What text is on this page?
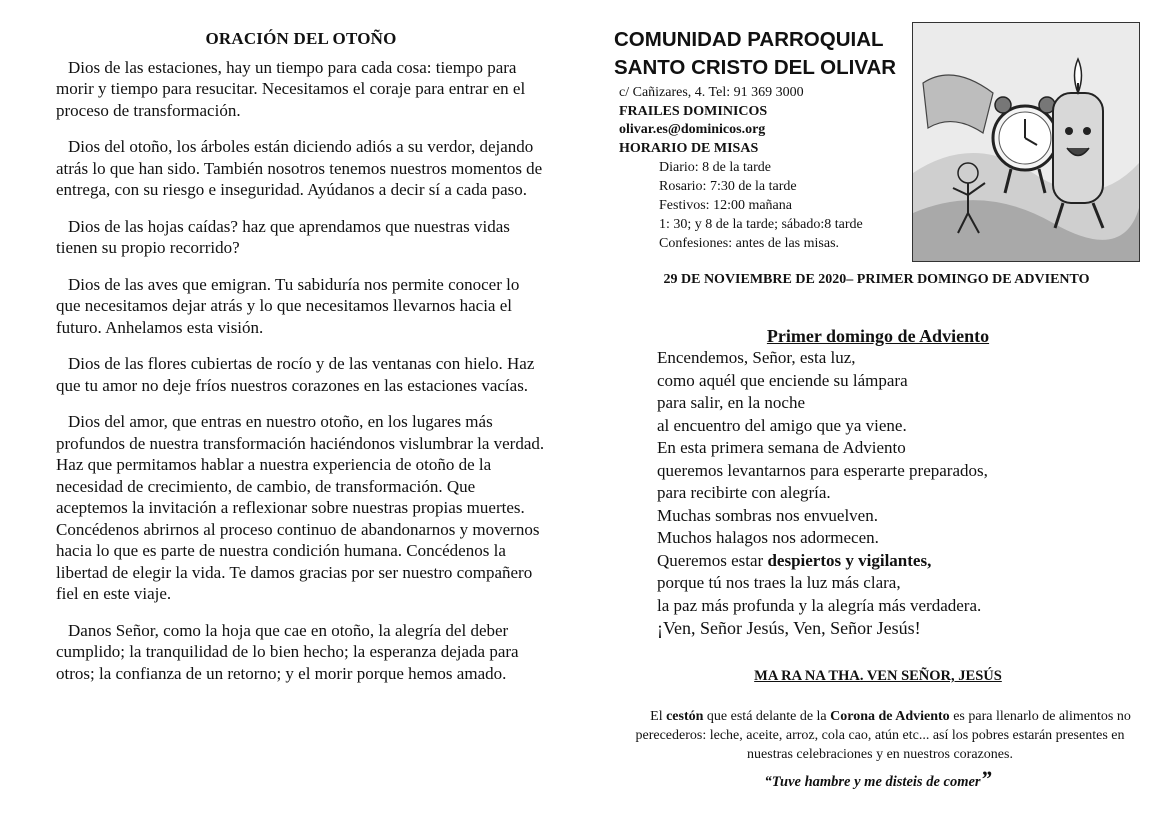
ORACIÓN DEL OTOÑO

Dios de las estaciones, hay un tiempo para cada cosa: tiempo para morir y tiempo para resucitar. Necesitamos el coraje para entrar en el proceso de transformación.

Dios del otoño, los árboles están diciendo adiós a su verdor, dejando atrás lo que han sido. También nosotros tenemos nuestros momentos de entrega, con su riesgo e inseguridad. Ayúdanos a decir sí a cada paso.

Dios de las hojas caídas? haz que aprendamos que nuestras vidas tienen su propio recorrido?

Dios de las aves que emigran. Tu sabiduría nos permite conocer lo que necesitamos dejar atrás y lo que necesitamos llevarnos hacia el futuro. Anhelamos esta visión.

Dios de las flores cubiertas de rocío y de las ventanas con hielo. Haz que tu amor no deje fríos nuestros corazones en las estaciones vacías.

Dios del amor, que entras en nuestro otoño, en los lugares más profundos de nuestra transformación haciéndonos vislumbrar la verdad. Haz que permitamos hablar a nuestra experiencia de otoño de la necesidad de crecimiento, de cambio, de transformación. Que aceptemos la invitación a reflexionar sobre nuestras propias muertes. Concédenos abrirnos al proceso continuo de abandonarnos y movernos hacia lo que es parte de nuestra condición humana. Concédenos la libertad de elegir la vida. Te damos gracias por ser nuestro compañero fiel en este viaje.

Danos Señor, como la hoja que cae en otoño, la alegría del deber cumplido; la tranquilidad de lo bien hecho; la esperanza dejada para otros; la confianza de un retorno; y el morir porque hemos amado.

COMUNIDAD PARROQUIAL
SANTO CRISTO DEL OLIVAR
c/ Cañizares, 4. Tel: 91 369 3000
FRAILES DOMINICOS
olivar.es@dominicos.org
HORARIO DE MISAS
Diario: 8 de la tarde
Rosario: 7:30 de la tarde
Festivos: 12:00 mañana
1: 30; y 8 de la tarde; sábado:8 tarde
Confesiones: antes de las misas.
29 DE NOVIEMBRE DE 2020– PRIMER DOMINGO DE ADVIENTO
Primer domingo de Adviento
Encendemos, Señor, esta luz,
como aquél que enciende su lámpara
para salir, en la noche
al encuentro del amigo que ya viene.
En esta primera semana de Adviento
queremos levantarnos para esperarte preparados,
para recibirte con alegría.
Muchas sombras nos envuelven.
Muchos halagos nos adormecen.
Queremos estar despiertos y vigilantes,
porque tú nos traes la luz más clara,
la paz más profunda y la alegría más verdadera.
¡Ven, Señor Jesús, Ven, Señor Jesús!
MA RA NA THA. VEN SEÑOR, JESÚS
El cestón que está delante de la Corona de Adviento es para llenarlo de alimentos no perecederos: leche, aceite, arroz, cola cao, atún etc... así los pobres estarán presentes en nuestras celebraciones y en nuestros corazones.
“Tuve hambre y me disteis de comer”
